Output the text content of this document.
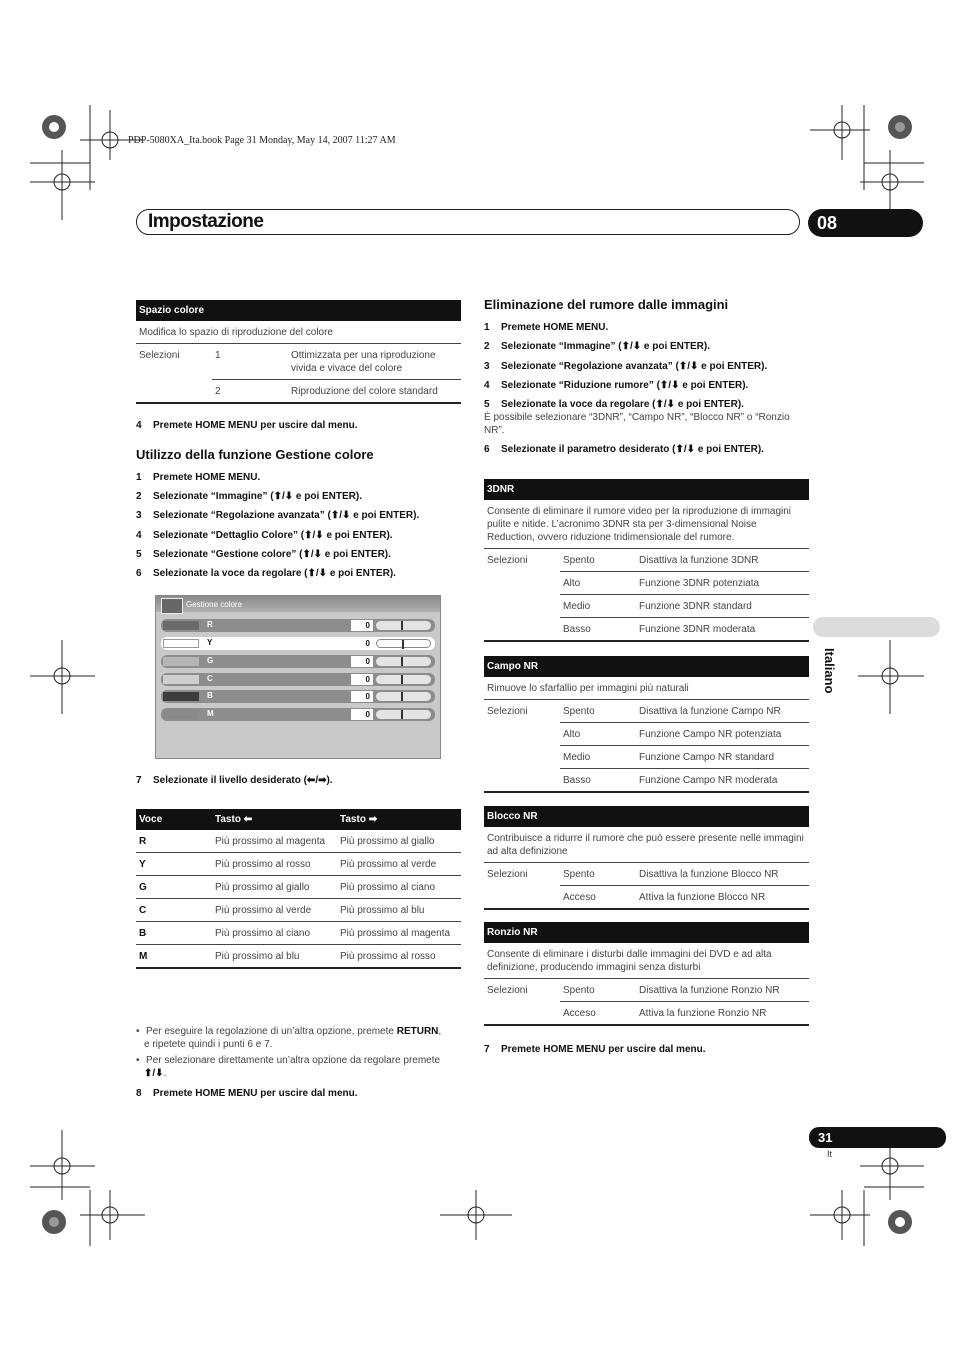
PDP-5080XA_Ita.book Page 31 Monday, May 14, 2007 11:27 AM
Impostazione	08
Italiano
Spazio colore		
Modifica lo spazio di riproduzione del colore		
Selezioni	1	Ottimizzata per una riproduzione vivida e vivace del colore
	2	Riproduzione del colore standard
4 Premete HOME MENU per uscire dal menu.
Utilizzo della funzione Gestione colore
1 Premete HOME MENU.
2 Selezionate “Immagine” (⬆/⬇ e poi ENTER).
3 Selezionate “Regolazione avanzata” (⬆/⬇ e poi ENTER).
4 Selezionate “Dettaglio Colore” (⬆/⬇ e poi ENTER).
5 Selezionate “Gestione colore” (⬆/⬇ e poi ENTER).
6 Selezionate la voce da regolare (⬆/⬇ e poi ENTER).
Gestione colore
R	0
Y	0
G	0
C	0
B	0
M	0
7 Selezionate il livello desiderato (⬅/➡).
Voce	Tasto ⬅	Tasto ➡
R	Più prossimo al magenta	Più prossimo al giallo
Y	Più prossimo al rosso	Più prossimo al verde
G	Più prossimo al giallo	Più prossimo al ciano
C	Più prossimo al verde	Più prossimo al blu
B	Più prossimo al ciano	Più prossimo al magenta
M	Più prossimo al blu	Più prossimo al rosso
• Per eseguire la regolazione di un’altra opzione, premete RETURN, e ripetete quindi i punti 6 e 7.
• Per selezionare direttamente un’altra opzione da regolare premete ⬆/⬇.
8 Premete HOME MENU per uscire dal menu.
Eliminazione del rumore dalle immagini
1 Premete HOME MENU.
2 Selezionate “Immagine” (⬆/⬇ e poi ENTER).
3 Selezionate “Regolazione avanzata” (⬆/⬇ e poi ENTER).
4 Selezionate “Riduzione rumore” (⬆/⬇ e poi ENTER).
5 Selezionate la voce da regolare (⬆/⬇ e poi ENTER).
È possibile selezionare “3DNR”, “Campo NR”, “Blocco NR” o “Ronzio NR”.
6 Selezionate il parametro desiderato (⬆/⬇ e poi ENTER).
3DNR		
Consente di eliminare il rumore video per la riproduzione di immagini pulite e nitide. L’acronimo 3DNR sta per 3-dimensional Noise Reduction, ovvero riduzione tridimensionale del rumore.		
Selezioni	Spento	Disattiva la funzione 3DNR
	Alto	Funzione 3DNR potenziata
	Medio	Funzione 3DNR standard
	Basso	Funzione 3DNR moderata
Campo NR		
Rimuove lo sfarfallio per immagini più naturali		
Selezioni	Spento	Disattiva la funzione Campo NR
	Alto	Funzione Campo NR potenziata
	Medio	Funzione Campo NR standard
	Basso	Funzione Campo NR moderata
Blocco NR		
Contribuisce a ridurre il rumore che può essere presente nelle immagini ad alta definizione		
Selezioni	Spento	Disattiva la funzione Blocco NR
	Acceso	Attiva la funzione Blocco NR
Ronzio NR		
Consente di eliminare i disturbi dalle immagini dei DVD e ad alta definizione, producendo immagini senza disturbi		
Selezioni	Spento	Disattiva la funzione Ronzio NR
	Acceso	Attiva la funzione Ronzio NR
7 Premete HOME MENU per uscire dal menu.
31
It
